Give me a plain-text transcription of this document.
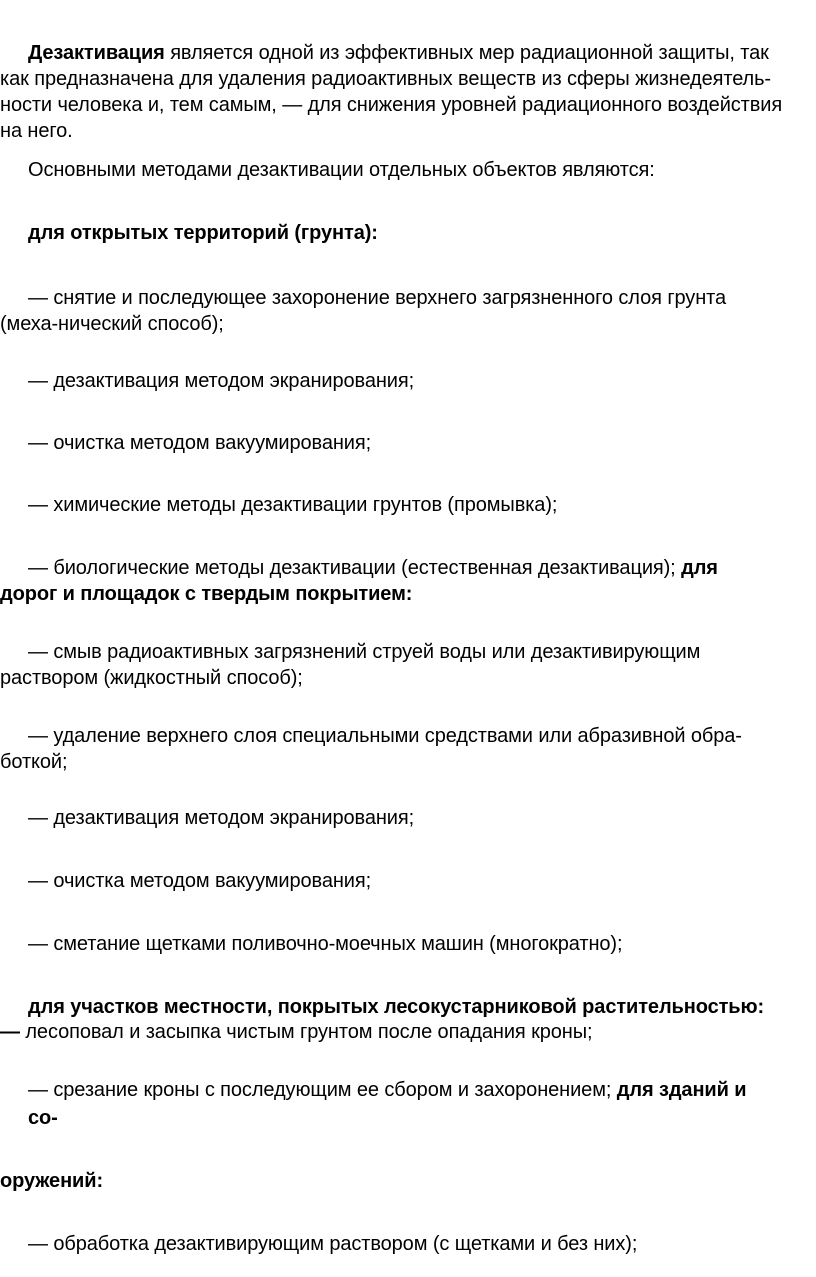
Дезактивация является одной из эффективных мер радиационной защиты, так
как предназначена для удаления радиоактивных веществ из сферы жизнедеятель-
ности человека и, тем самым, — для снижения уровней радиационного воздействия
на него.
Основными методами дезактивации отдельных объектов являются:
для открытых территорий (грунта):
— снятие и последующее захоронение верхнего загрязненного слоя грунта
(меха-нический способ);
— дезактивация методом экранирования;
— очистка методом вакуумирования;
— химические методы дезактивации грунтов (промывка);
— биологические методы дезактивации (естественная дезактивация); для
дорог и площадок с твердым покрытием:
— смыв радиоактивных загрязнений струей воды или дезактивирующим
раствором (жидкостный способ);
— удаление верхнего слоя специальными средствами или абразивной обра-
боткой;
— дезактивация методом экранирования;
— очистка методом вакуумирования;
— сметание щетками поливочно-моечных машин (многократно);
для участков местности, покрытых лесокустарниковой растительностью:
— лесоповал и засыпка чистым грунтом после опадания кроны;
— срезание кроны с последующим ее сбором и захоронением; для зданий и
со-
оружений:
— обработка дезактивирующим раствором (с щетками и без них);
